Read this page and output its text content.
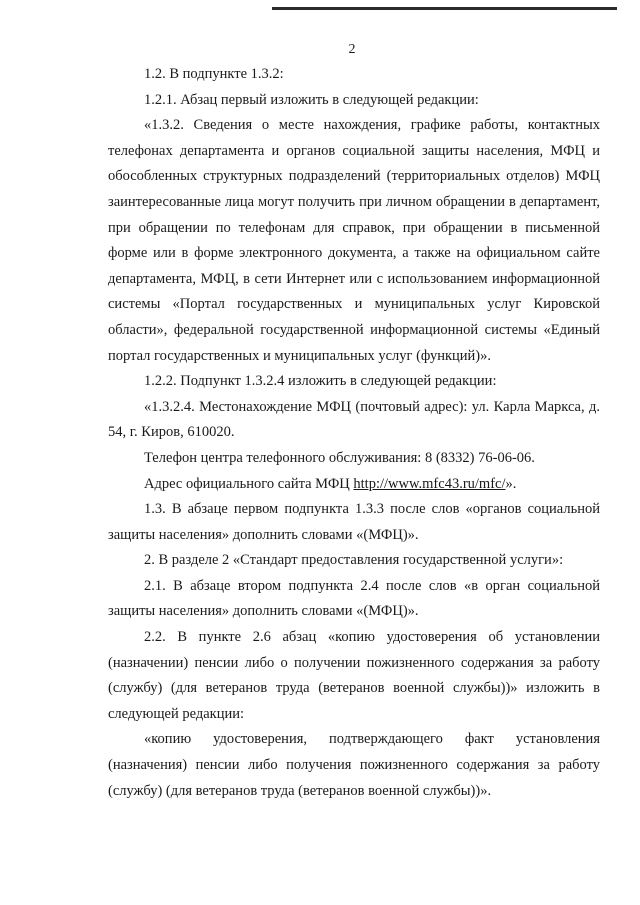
2

1.2. В подпункте 1.3.2:

1.2.1. Абзац первый изложить в следующей редакции:

«1.3.2. Сведения о месте нахождения, графике работы, контактных телефонах департамента и органов социальной защиты населения, МФЦ и обособленных структурных подразделений (территориальных отделов) МФЦ заинтересованные лица могут получить при личном обращении в департамент, при обращении по телефонам для справок, при обращении в письменной форме или в форме электронного документа, а также на официальном сайте департамента, МФЦ, в сети Интернет или с использованием информационной системы «Портал государственных и муниципальных услуг Кировской области», федеральной государственной информационной системы «Единый портал государственных и муниципальных услуг (функций)».

1.2.2. Подпункт 1.3.2.4 изложить в следующей редакции:

«1.3.2.4. Местонахождение МФЦ (почтовый адрес): ул. Карла Маркса, д. 54, г. Киров, 610020.

Телефон центра телефонного обслуживания: 8 (8332) 76-06-06.

Адрес официального сайта МФЦ http://www.mfc43.ru/mfc/».

1.3. В абзаце первом подпункта 1.3.3 после слов «органов социальной защиты населения» дополнить словами «(МФЦ)».

2. В разделе 2 «Стандарт предоставления государственной услуги»:

2.1. В абзаце втором подпункта 2.4 после слов «в орган социальной защиты населения» дополнить словами «(МФЦ)».

2.2. В пункте 2.6 абзац «копию удостоверения об установлении (назначении) пенсии либо о получении пожизненного содержания за работу (службу) (для ветеранов труда (ветеранов военной службы))» изложить в следующей редакции:

«копию удостоверения, подтверждающего факт установления (назначения) пенсии либо получения пожизненного содержания за работу (службу) (для ветеранов труда (ветеранов военной службы))».
